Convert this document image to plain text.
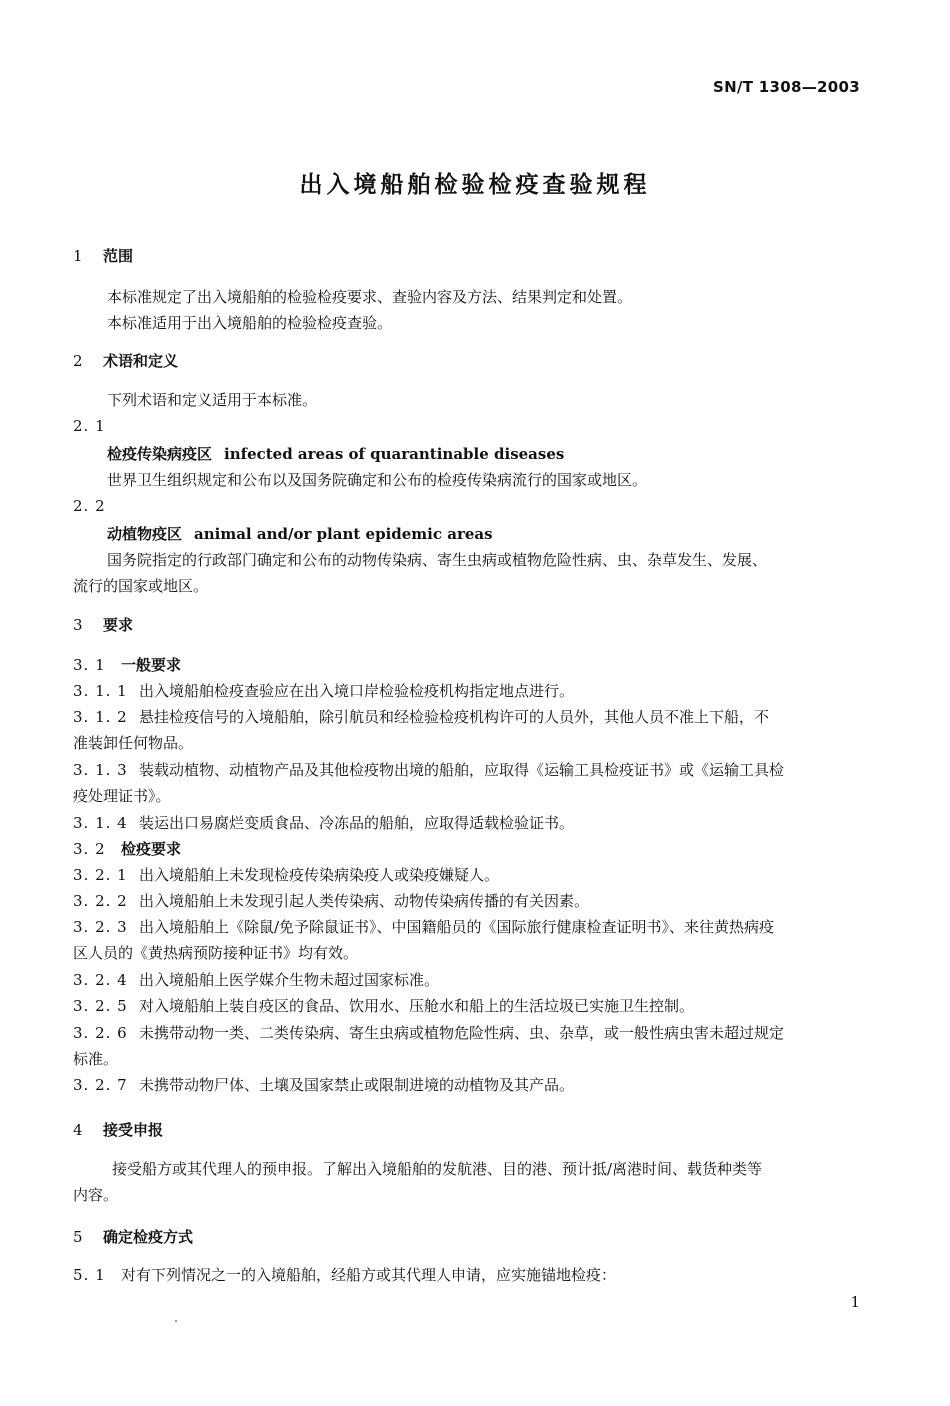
SN/T 1308—2003
出入境船舶检验检疫查验规程
1 范围
本标准规定了出入境船舶的检验检疫要求、查验内容及方法、结果判定和处置。
本标准适用于出入境船舶的检验检疫查验。
2 术语和定义
下列术语和定义适用于本标准。
2. 1
检疫传染病疫区 infected areas of quarantinable diseases
世界卫生组织规定和公布以及国务院确定和公布的检疫传染病流行的国家或地区。
2. 2
动植物疫区 animal and/or plant epidemic areas
国务院指定的行政部门确定和公布的动物传染病、寄生虫病或植物危险性病、虫、杂草发生、发展、
流行的国家或地区。
3 要求
3. 1 一般要求
3. 1. 1 出入境船舶检疫查验应在出入境口岸检验检疫机构指定地点进行。
3. 1. 2 悬挂检疫信号的入境船舶，除引航员和经检验检疫机构许可的人员外，其他人员不准上下船，不
准装卸任何物品。
3. 1. 3 装载动植物、动植物产品及其他检疫物出境的船舶，应取得《运输工具检疫证书》或《运输工具检
疫处理证书》。
3. 1. 4 装运出口易腐烂变质食品、冷冻品的船舶，应取得适载检验证书。
3. 2 检疫要求
3. 2. 1 出入境船舶上未发现检疫传染病染疫人或染疫嫌疑人。
3. 2. 2 出入境船舶上未发现引起人类传染病、动物传染病传播的有关因素。
3. 2. 3 出入境船舶上《除鼠/免予除鼠证书》、中国籍船员的《国际旅行健康检查证明书》、来往黄热病疫
区人员的《黄热病预防接种证书》均有效。
3. 2. 4 出入境船舶上医学媒介生物未超过国家标准。
3. 2. 5 对入境船舶上装自疫区的食品、饮用水、压舱水和船上的生活垃圾已实施卫生控制。
3. 2. 6 未携带动物一类、二类传染病、寄生虫病或植物危险性病、虫、杂草，或一般性病虫害未超过规定
标准。
3. 2. 7 未携带动物尸体、土壤及国家禁止或限制进境的动植物及其产品。
4 接受申报
接受船方或其代理人的预申报。了解出入境船舶的发航港、目的港、预计抵/离港时间、载货种类等
内容。
5 确定检疫方式
5. 1 对有下列情况之一的入境船舶，经船方或其代理人申请，应实施锚地检疫：
1
